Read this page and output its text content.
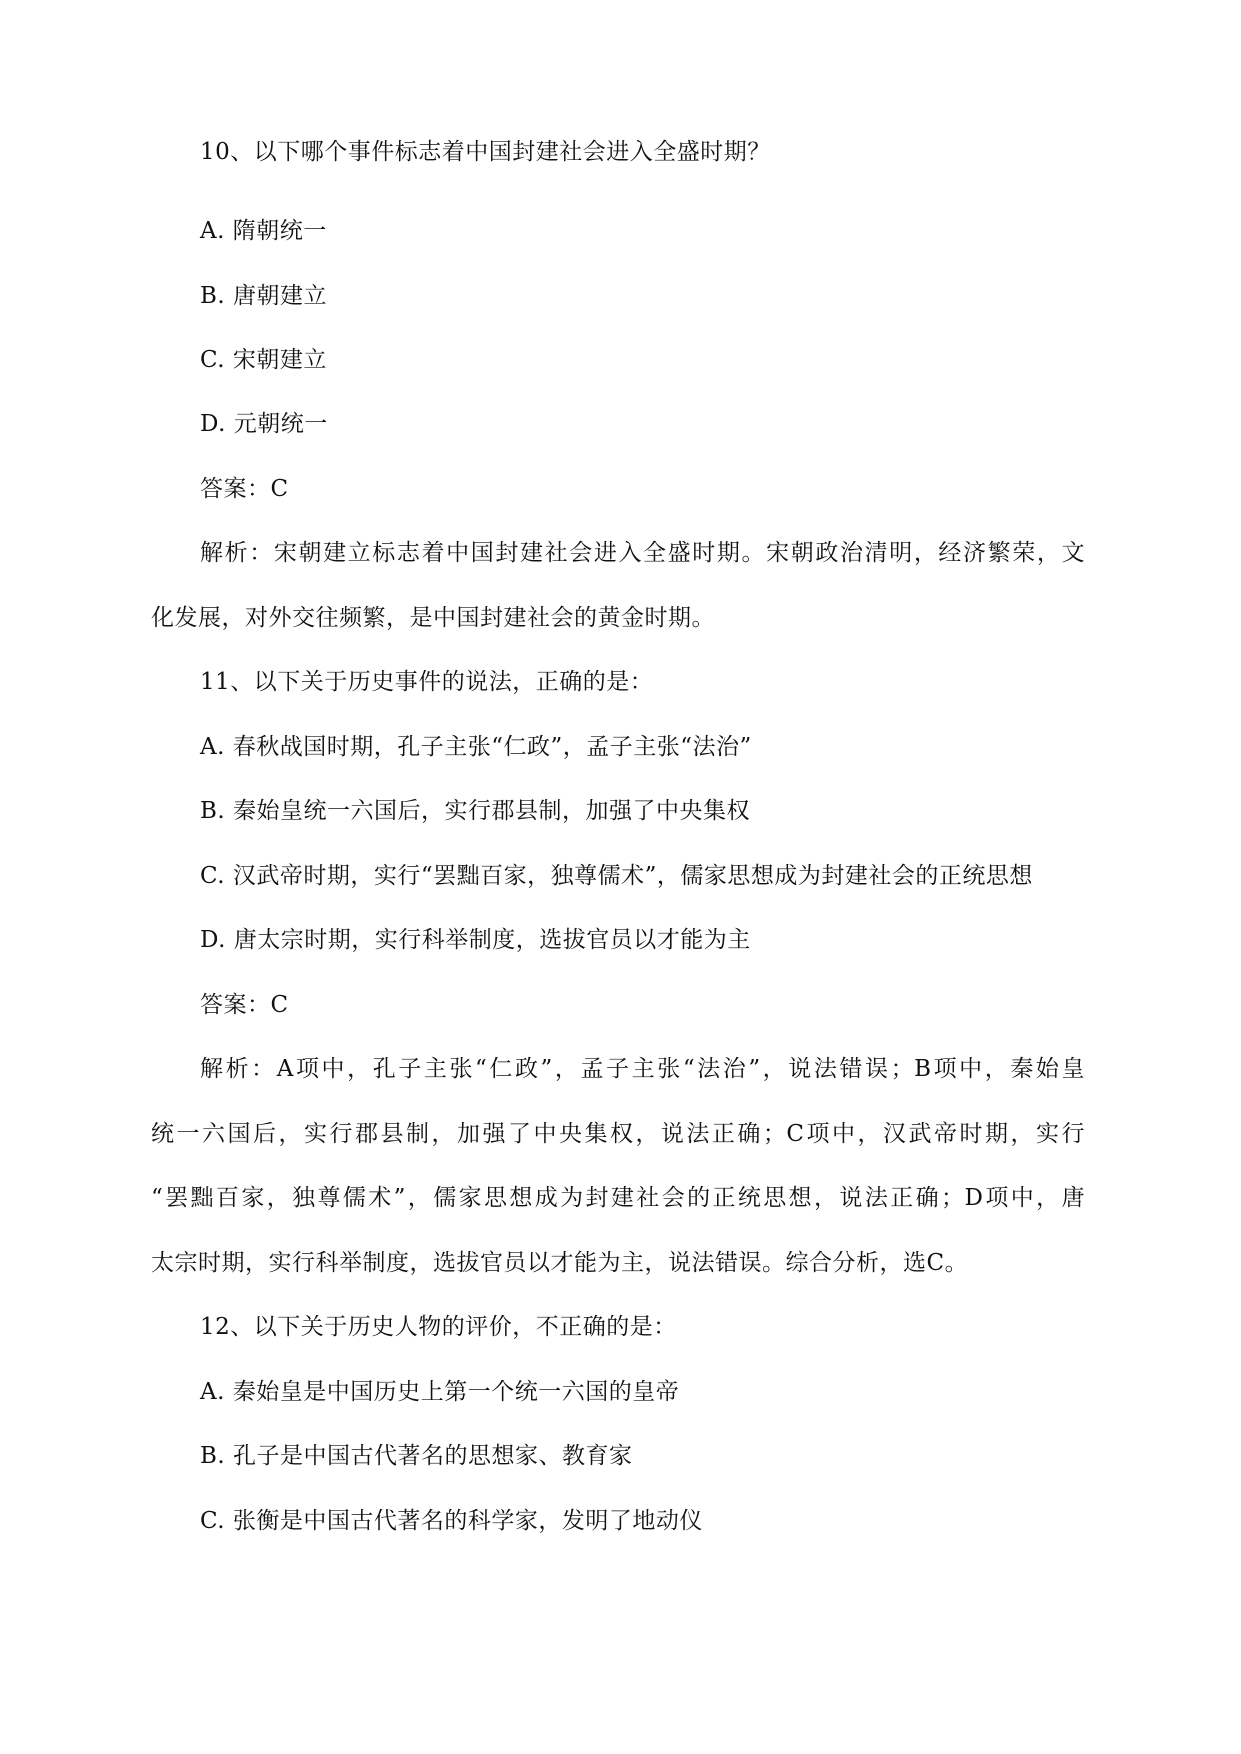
10、以下哪个事件标志着中国封建社会进入全盛时期？
A. 隋朝统一
B. 唐朝建立
C. 宋朝建立
D. 元朝统一
答案：C
解析：宋朝建立标志着中国封建社会进入全盛时期。宋朝政治清明，经济繁荣，文
化发展，对外交往频繁，是中国封建社会的黄金时期。
11、以下关于历史事件的说法，正确的是：
A. 春秋战国时期，孔子主张“仁政”，孟子主张“法治”
B. 秦始皇统一六国后，实行郡县制，加强了中央集权
C. 汉武帝时期，实行“罢黜百家，独尊儒术”，儒家思想成为封建社会的正统思想
D. 唐太宗时期，实行科举制度，选拔官员以才能为主
答案：C
解析：A项中，孔子主张“仁政”，孟子主张“法治”，说法错误；B项中，秦始皇
统一六国后，实行郡县制，加强了中央集权，说法正确；C项中，汉武帝时期，实行
“罢黜百家，独尊儒术”，儒家思想成为封建社会的正统思想，说法正确；D项中，唐
太宗时期，实行科举制度，选拔官员以才能为主，说法错误。综合分析，选C。
12、以下关于历史人物的评价，不正确的是：
A. 秦始皇是中国历史上第一个统一六国的皇帝
B. 孔子是中国古代著名的思想家、教育家
C. 张衡是中国古代著名的科学家，发明了地动仪
